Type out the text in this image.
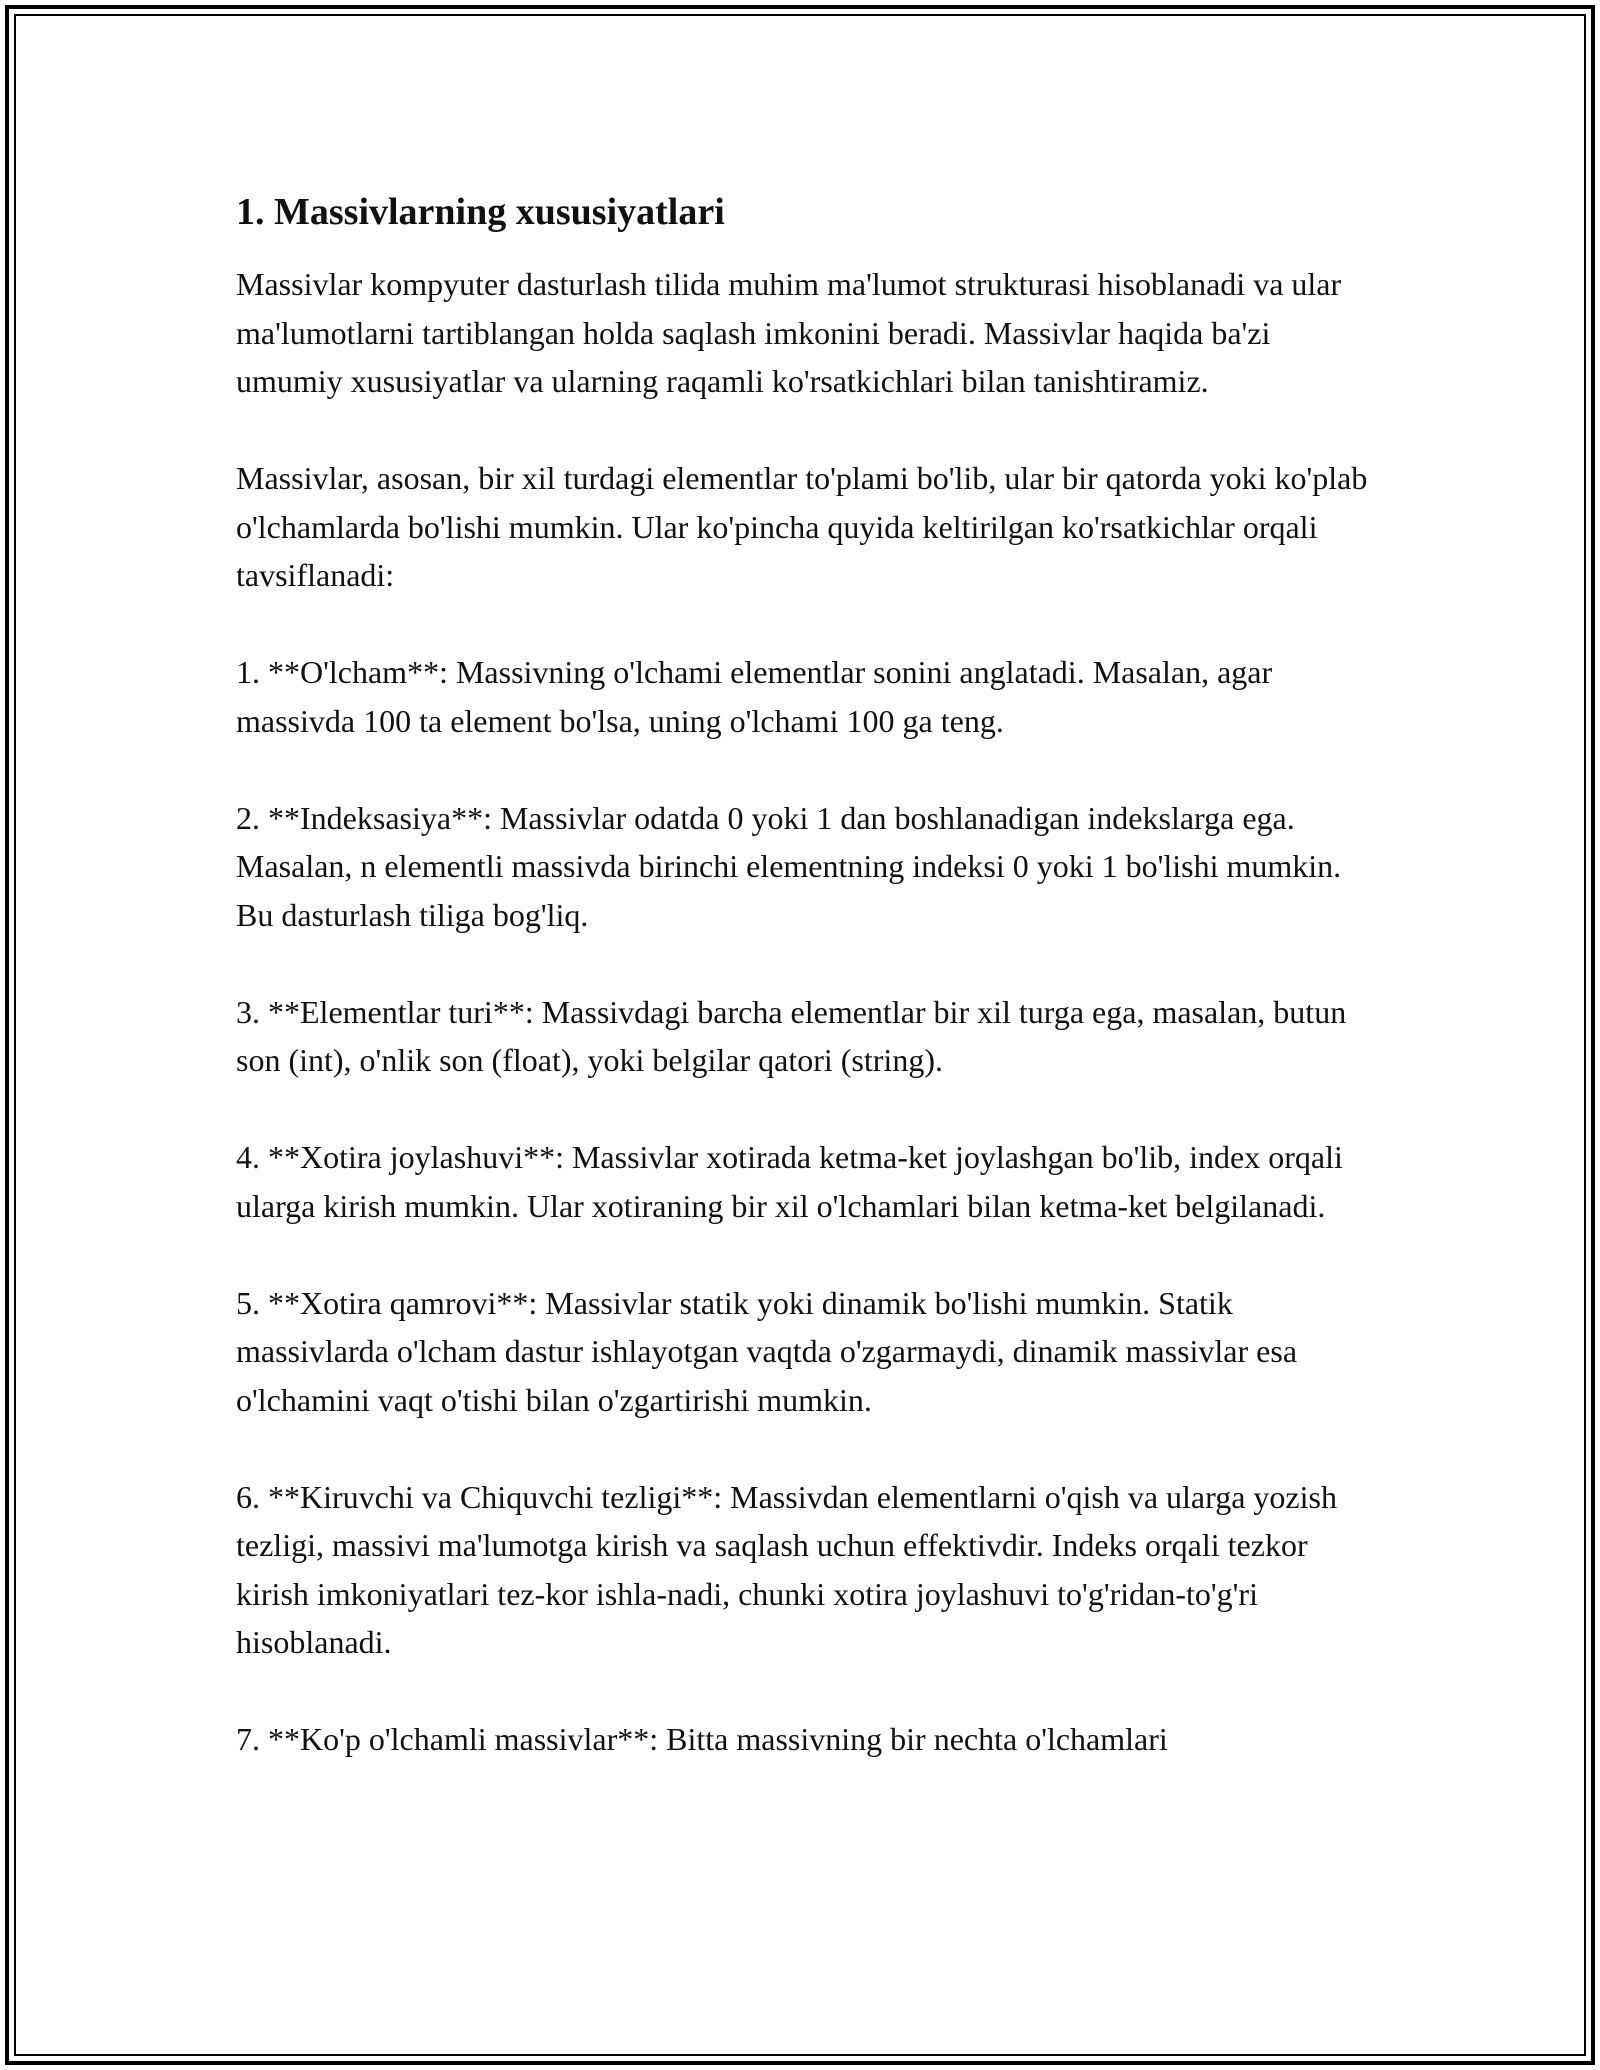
1. Massivlarning xususiyatlari

Massivlar kompyuter dasturlash tilida muhim ma'lumot strukturasi hisoblanadi va ular ma'lumotlarni tartiblangan holda saqlash imkonini beradi. Massivlar haqida ba'zi umumiy xususiyatlar va ularning raqamli ko'rsatkichlari bilan tanishtiramiz.

Massivlar, asosan, bir xil turdagi elementlar to'plami bo'lib, ular bir qatorda yoki ko'plab o'lchamlarda bo'lishi mumkin. Ular ko'pincha quyida keltirilgan ko'rsatkichlar orqali tavsiflanadi:

1. **O'lcham**: Massivning o'lchami elementlar sonini anglatadi. Masalan, agar massivda 100 ta element bo'lsa, uning o'lchami 100 ga teng.

2. **Indeksasiya**: Massivlar odatda 0 yoki 1 dan boshlanadigan indekslarga ega. Masalan, n elementli massivda birinchi elementning indeksi 0 yoki 1 bo'lishi mumkin. Bu dasturlash tiliga bog'liq.

3. **Elementlar turi**: Massivdagi barcha elementlar bir xil turga ega, masalan, butun son (int), o'nlik son (float), yoki belgilar qatori (string).

4. **Xotira joylashuvi**: Massivlar xotirada ketma-ket joylashgan bo'lib, index orqali ularga kirish mumkin. Ular xotiraning bir xil o'lchamlari bilan ketma-ket belgilanadi.

5. **Xotira qamrovi**: Massivlar statik yoki dinamik bo'lishi mumkin. Statik massivlarda o'lcham dastur ishlayotgan vaqtda o'zgarmaydi, dinamik massivlar esa o'lchamini vaqt o'tishi bilan o'zgartirishi mumkin.

6. **Kiruvchi va Chiquvchi tezligi**: Massivdan elementlarni o'qish va ularga yozish tezligi, massivi ma'lumotga kirish va saqlash uchun effektivdir. Indeks orqali tezkor kirish imkoniyatlari tez-kor ishla-nadi, chunki xotira joylashuvi to'g'ridan-to'g'ri hisoblanadi.

7. **Ko'p o'lchamli massivlar**: Bitta massivning bir nechta o'lchamlari
